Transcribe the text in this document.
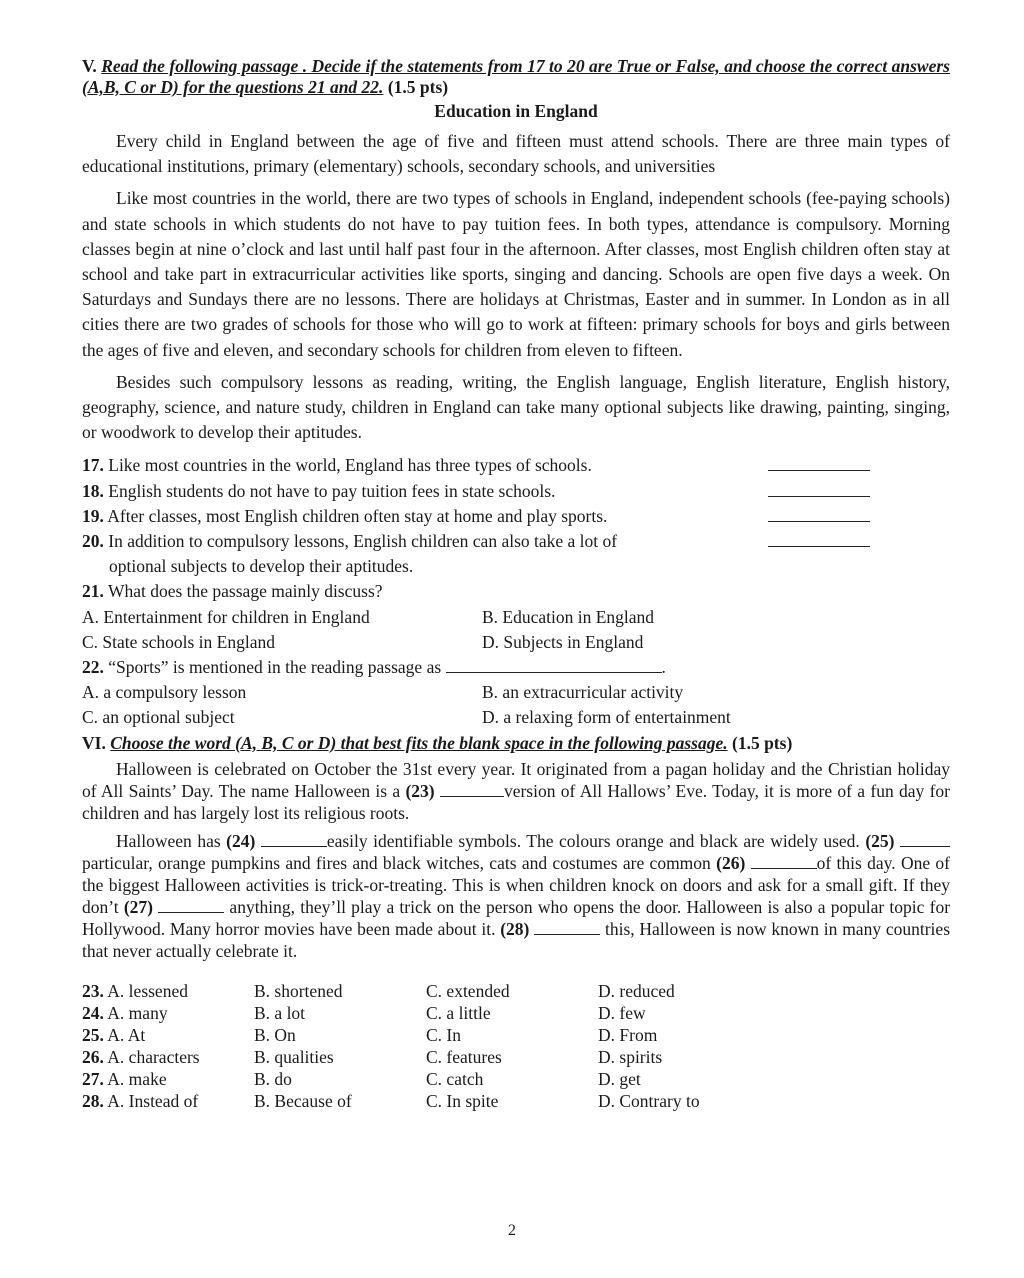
V. Read the following passage . Decide if the statements from 17 to 20 are True or False, and choose the correct answers (A,B, C or D) for the questions 21 and 22. (1.5 pts)
Education in England

Every child in England between the age of five and fifteen must attend schools. There are three main types of educational institutions, primary (elementary) schools, secondary schools, and universities

Like most countries in the world, there are two types of schools in England, independent schools (fee-paying schools) and state schools in which students do not have to pay tuition fees. In both types, attendance is compulsory. Morning classes begin at nine o’clock and last until half past four in the afternoon. After classes, most English children often stay at school and take part in extracurricular activities like sports, singing and dancing. Schools are open five days a week. On Saturdays and Sundays there are no lessons. There are holidays at Christmas, Easter and in summer. In London as in all cities there are two grades of schools for those who will go to work at fifteen: primary schools for boys and girls between the ages of five and eleven, and secondary schools for children from eleven to fifteen.

Besides such compulsory lessons as reading, writing, the English language, English literature, English history, geography, science, and nature study, children in England can take many optional subjects like drawing, painting, singing, or woodwork to develop their aptitudes.

17. Like most countries in the world, England has three types of schools.
18. English students do not have to pay tuition fees in state schools.
19. After classes, most English children often stay at home and play sports.
20. In addition to compulsory lessons, English children can also take a lot of
optional subjects to develop their aptitudes.
21. What does the passage mainly discuss?
A. Entertainment for children in England	B. Education in England
C. State schools in England	D. Subjects in England
22. “Sports” is mentioned in the reading passage as	.
A. a compulsory lesson	B. an extracurricular activity
C. an optional subject	D. a relaxing form of entertainment
VI. Choose the word (A, B, C or D) that best fits the blank space in the following passage. (1.5 pts)

Halloween is celebrated on October the 31st every year. It originated from a pagan holiday and the Christian holiday of All Saints’ Day. The name Halloween is a (23)	version of All Hallows’ Eve. Today, it is more of a fun day for children and has largely lost its religious roots.

Halloween has (24)	easily identifiable symbols. The colours orange and black are widely used. (25)  particular, orange pumpkins and fires and black witches, cats and costumes are common (26)	of this day. One of the biggest Halloween activities is trick-or-treating. This is when children knock on doors and ask for a small gift. If they don’t (27)	anything, they’ll play a trick on the person who opens the door. Halloween is also a popular topic for Hollywood. Many horror movies have been made about it. (28)	this, Halloween is now known in many countries that never actually celebrate it.

23. A. lessened	B. shortened	C. extended	D. reduced
24. A. many	B. a lot	C. a little	D. few
25. A. At	B. On	C. In	D. From
26. A. characters	B. qualities	C. features	D. spirits
27. A. make	B. do	C. catch	D. get
28. A. Instead of	B. Because of	C. In spite	D. Contrary to
2
